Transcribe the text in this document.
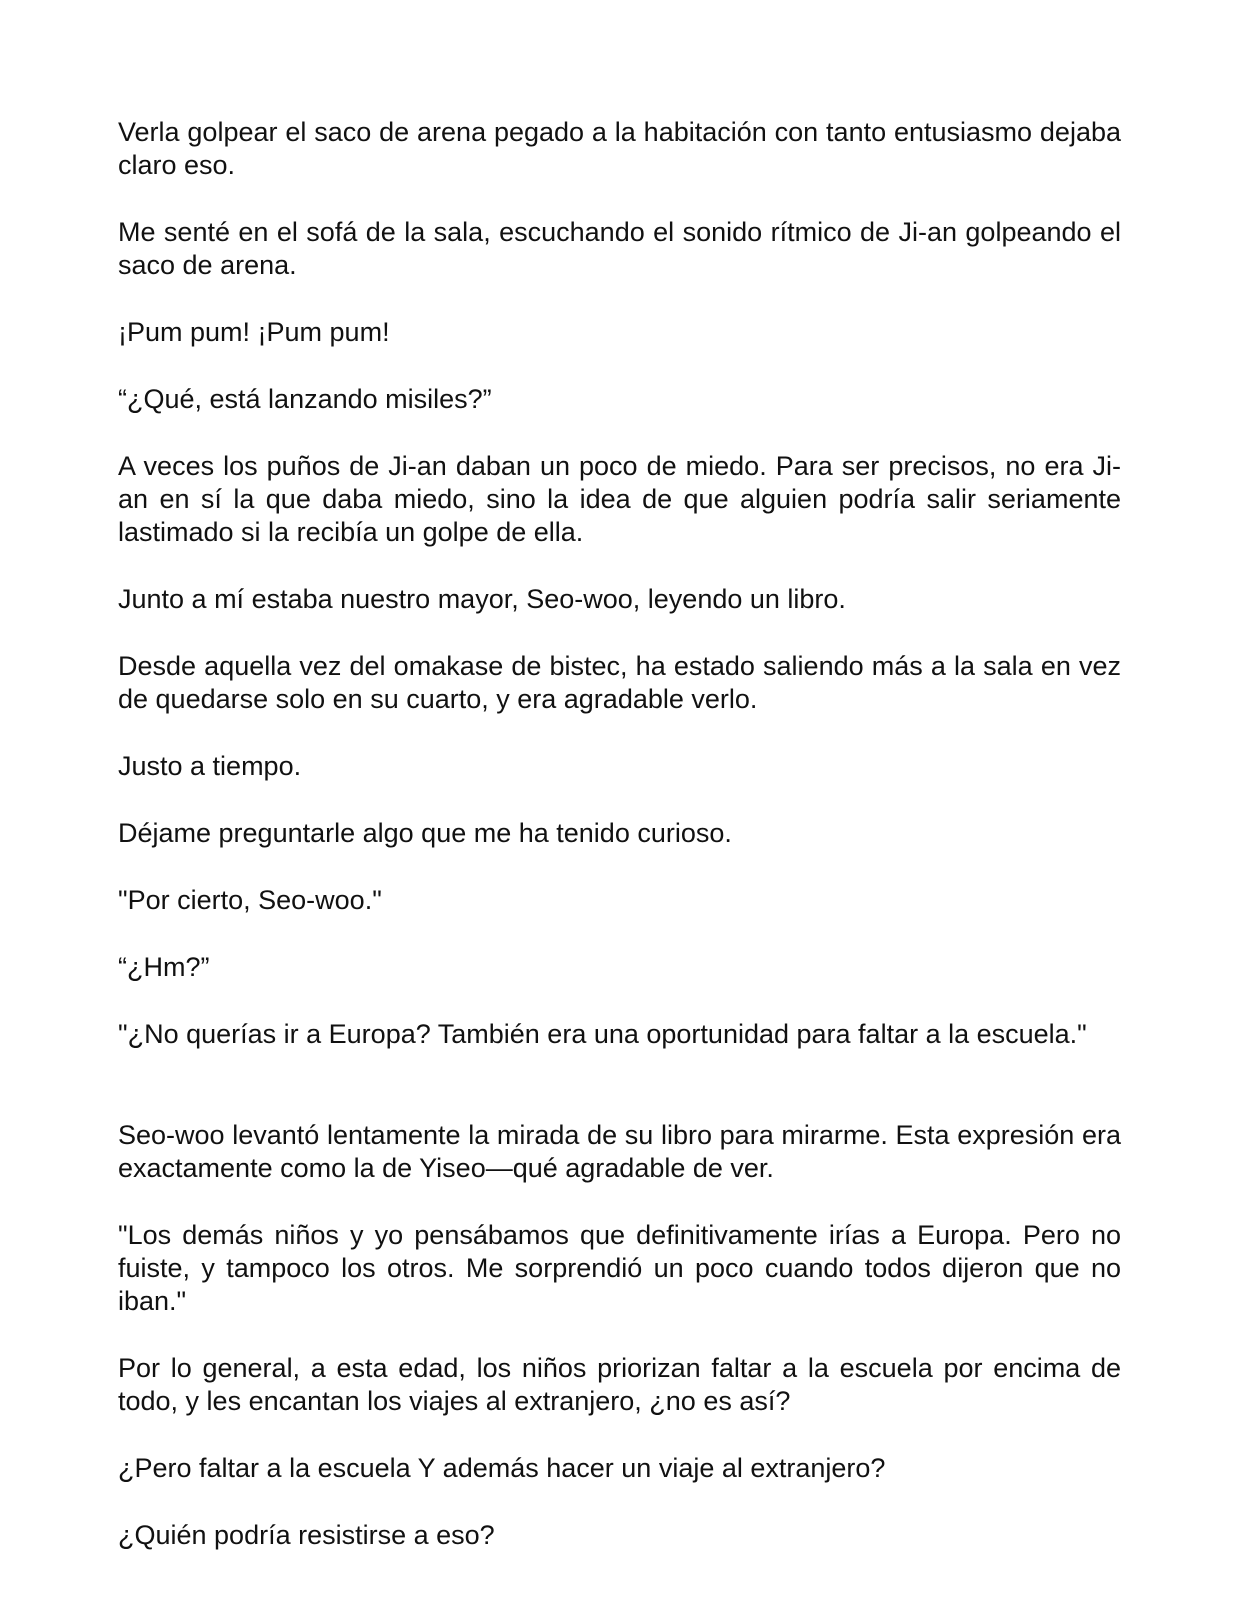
Verla golpear el saco de arena pegado a la habitación con tanto entusiasmo dejaba claro eso.

Me senté en el sofá de la sala, escuchando el sonido rítmico de Ji-an golpeando el saco de arena.

¡Pum pum! ¡Pum pum!

“¿Qué, está lanzando misiles?”

A veces los puños de Ji-an daban un poco de miedo. Para ser precisos, no era Ji-an en sí la que daba miedo, sino la idea de que alguien podría salir seriamente lastimado si la recibía un golpe de ella.

Junto a mí estaba nuestro mayor, Seo-woo, leyendo un libro.

Desde aquella vez del omakase de bistec, ha estado saliendo más a la sala en vez de quedarse solo en su cuarto, y era agradable verlo.

Justo a tiempo.

Déjame preguntarle algo que me ha tenido curioso.

"Por cierto, Seo-woo."

“¿Hm?”

"¿No querías ir a Europa? También era una oportunidad para faltar a la escuela."

Seo-woo levantó lentamente la mirada de su libro para mirarme. Esta expresión era exactamente como la de Yiseo—qué agradable de ver.

"Los demás niños y yo pensábamos que definitivamente irías a Europa. Pero no fuiste, y tampoco los otros. Me sorprendió un poco cuando todos dijeron que no iban."

Por lo general, a esta edad, los niños priorizan faltar a la escuela por encima de todo, y les encantan los viajes al extranjero, ¿no es así?

¿Pero faltar a la escuela Y además hacer un viaje al extranjero?

¿Quién podría resistirse a eso?
